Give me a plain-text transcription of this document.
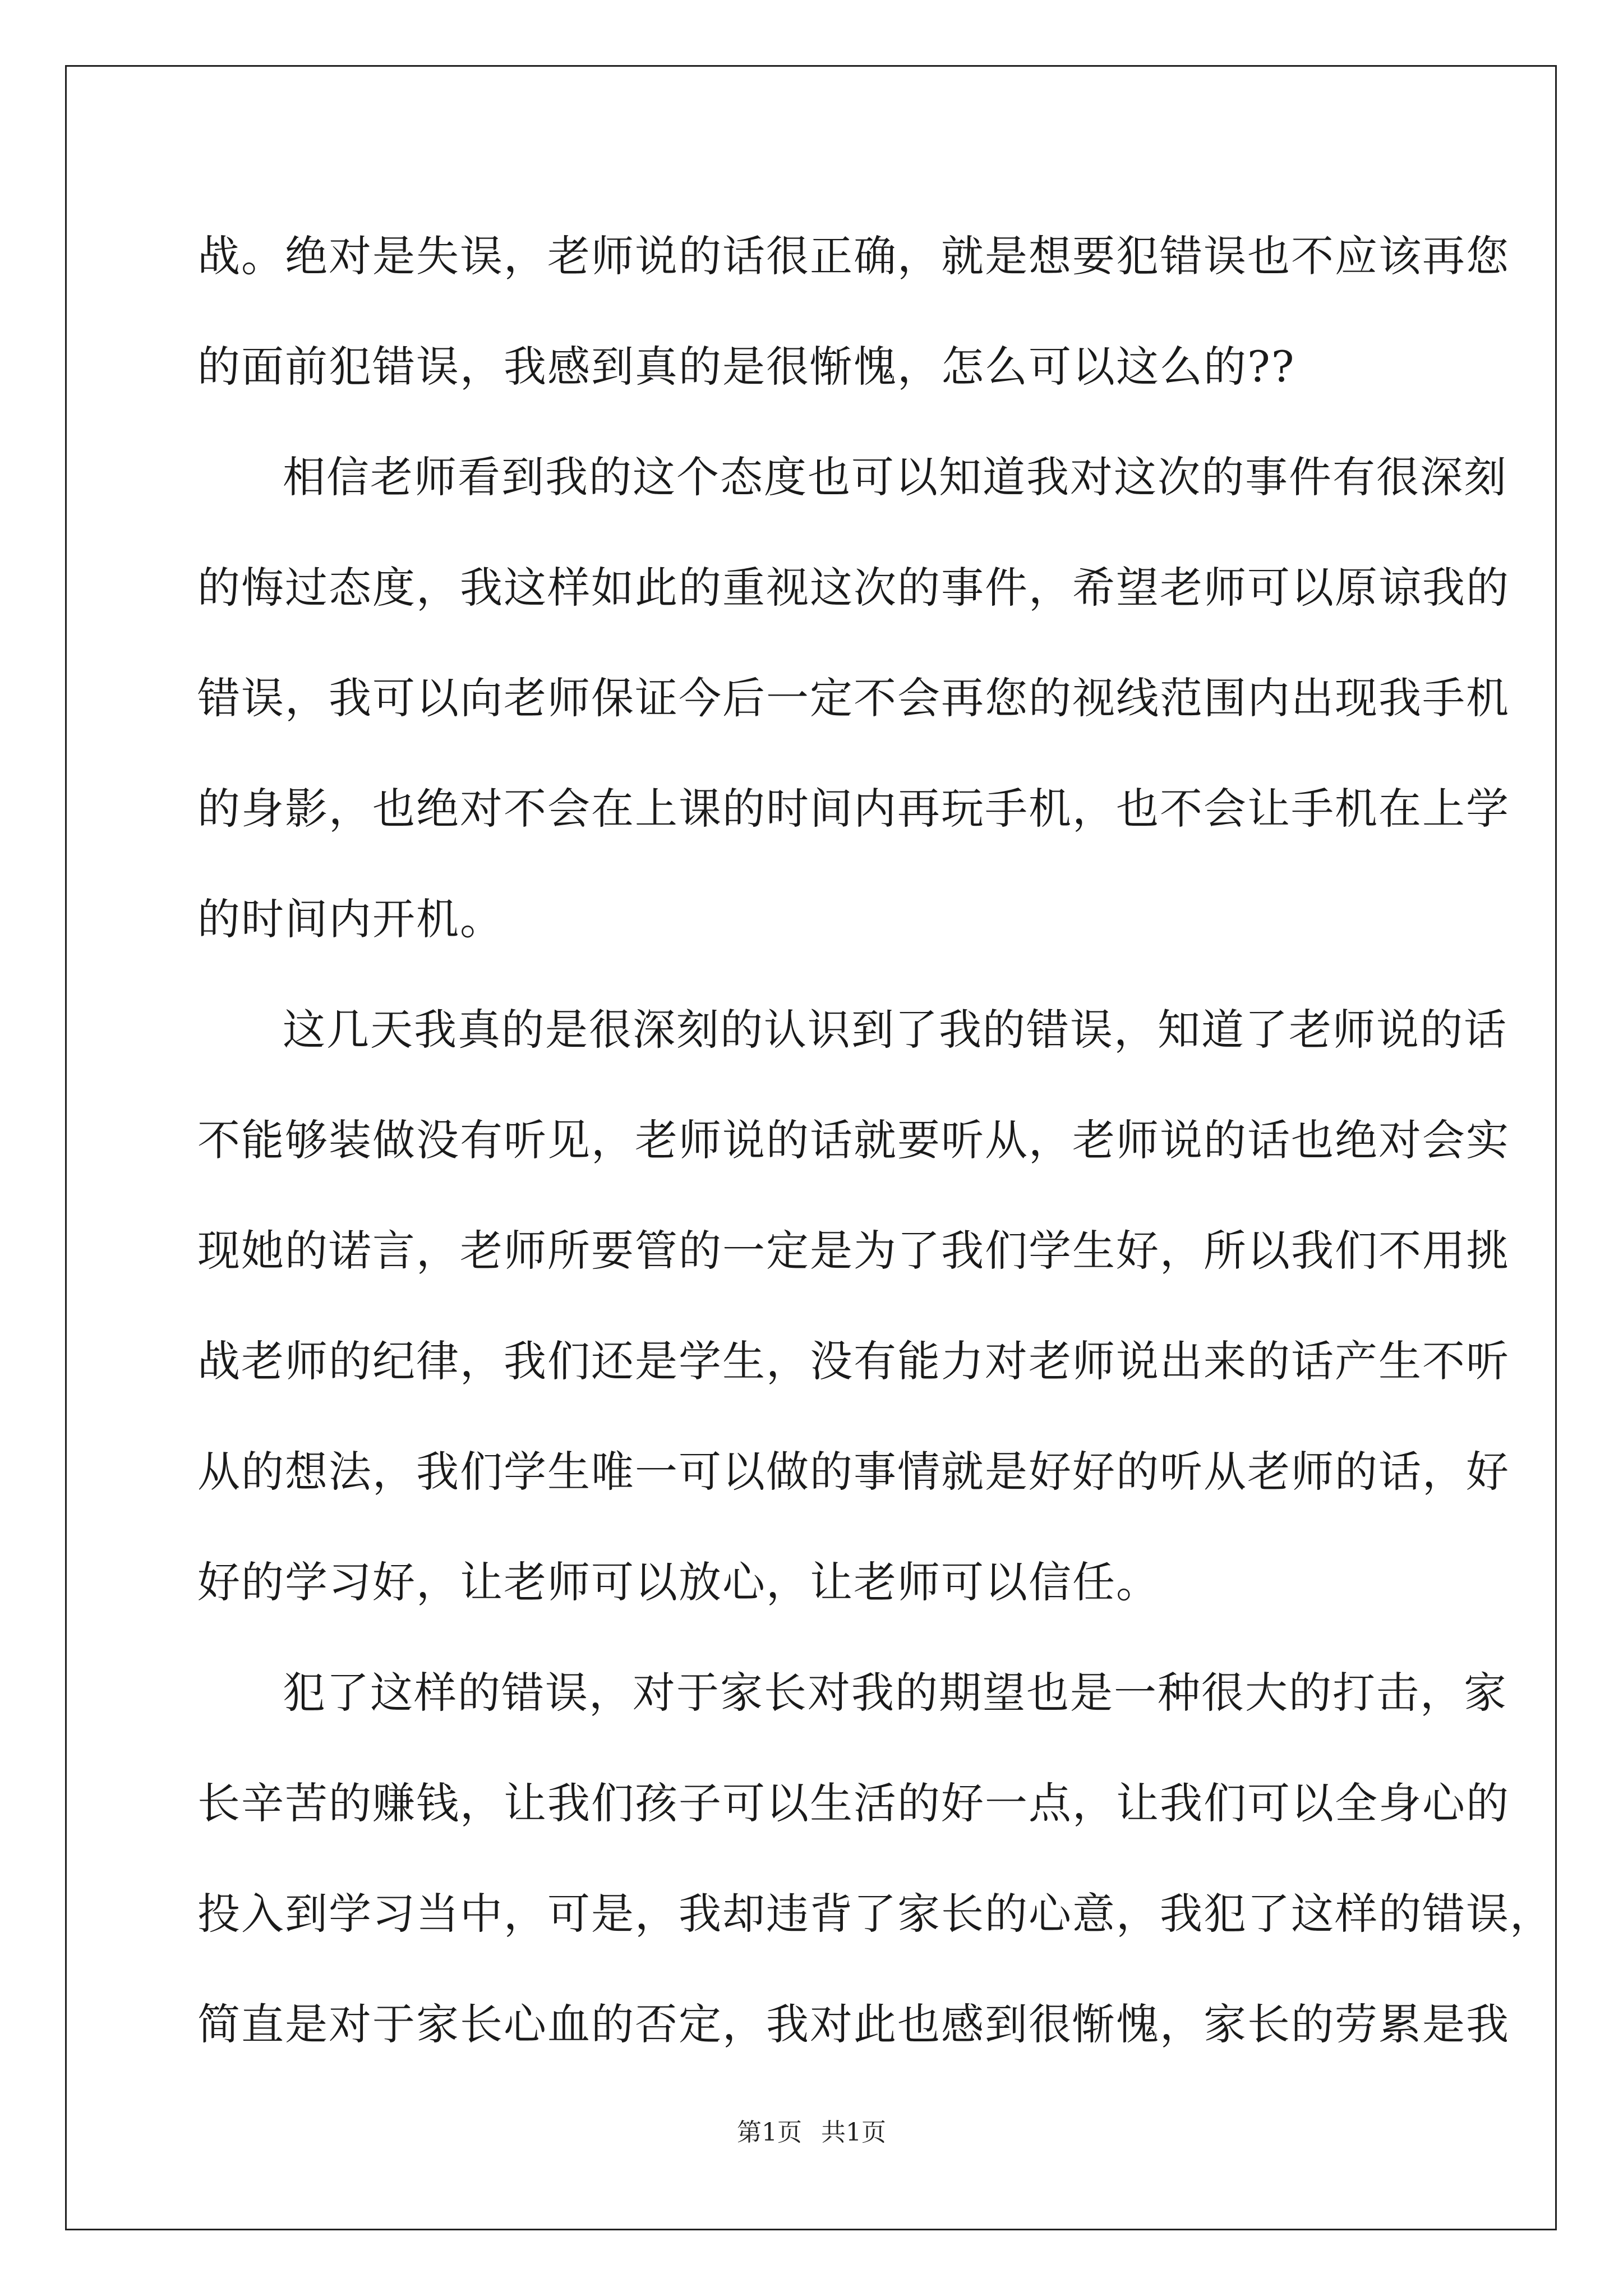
战。绝对是失误，老师说的话很正确，就是想要犯错误也不应该再您
的面前犯错误，我感到真的是很惭愧，怎么可以这么的??
相信老师看到我的这个态度也可以知道我对这次的事件有很深刻
的悔过态度，我这样如此的重视这次的事件，希望老师可以原谅我的
错误，我可以向老师保证今后一定不会再您的视线范围内出现我手机
的身影，也绝对不会在上课的时间内再玩手机，也不会让手机在上学
的时间内开机。
这几天我真的是很深刻的认识到了我的错误，知道了老师说的话
不能够装做没有听见，老师说的话就要听从，老师说的话也绝对会实
现她的诺言，老师所要管的一定是为了我们学生好，所以我们不用挑
战老师的纪律，我们还是学生，没有能力对老师说出来的话产生不听
从的想法，我们学生唯一可以做的事情就是好好的听从老师的话，好
好的学习好，让老师可以放心，让老师可以信任。
犯了这样的错误，对于家长对我的期望也是一种很大的打击，家
长辛苦的赚钱，让我们孩子可以生活的好一点，让我们可以全身心的
投入到学习当中，可是，我却违背了家长的心意，我犯了这样的错误，
简直是对于家长心血的否定，我对此也感到很惭愧，家长的劳累是我
第1页 共1页
